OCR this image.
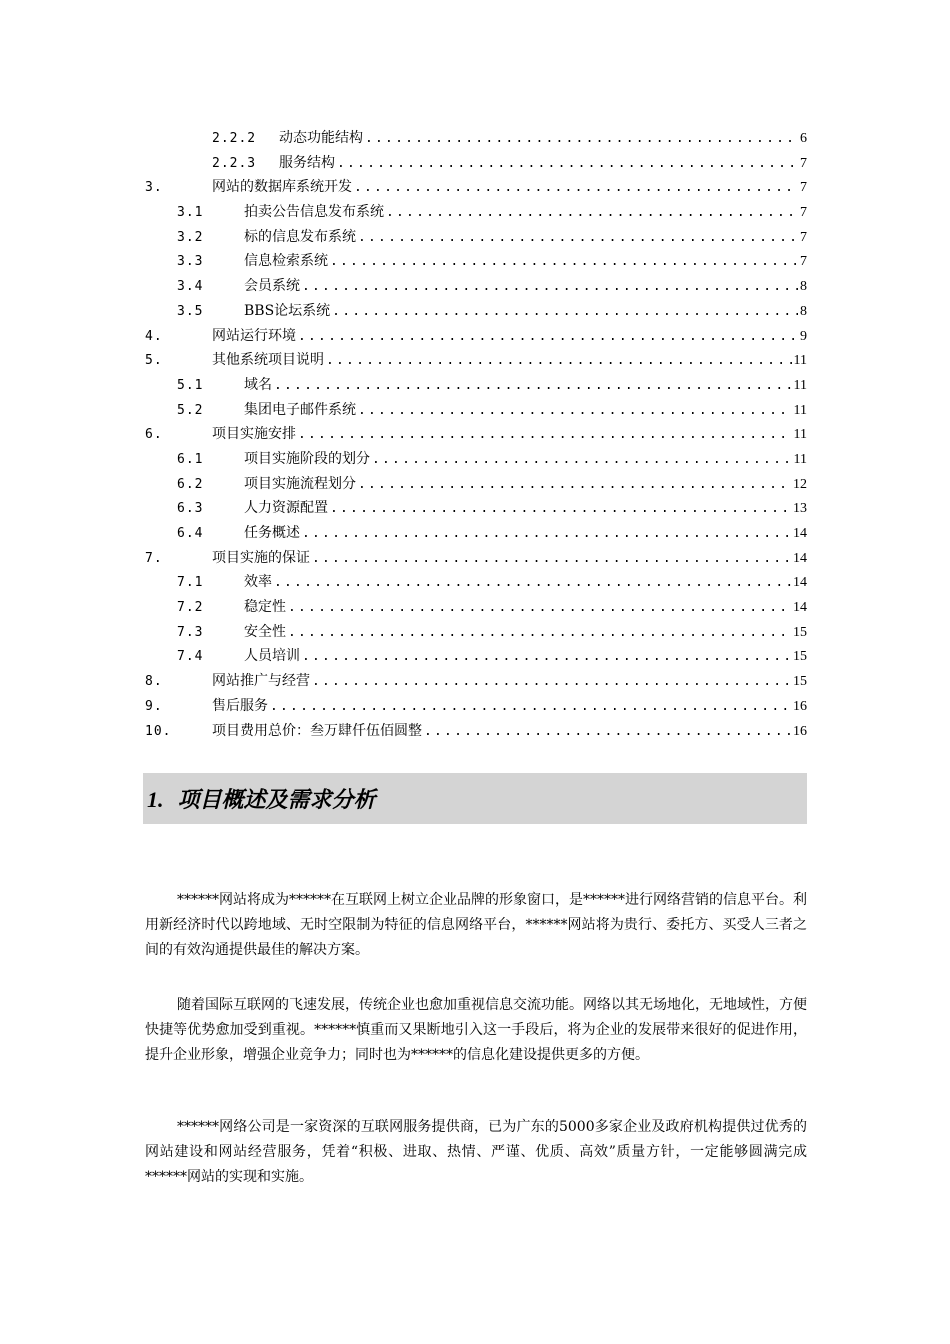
2.2.2	动态功能结构 .....	6
2.2.3	服务结构 .....	7
3.	网站的数据库系统开发 .....	7
3.1	拍卖公告信息发布系统 .....	7
3.2	标的信息发布系统 .....	7
3.3	信息检索系统 .....	7
3.4	会员系统 .....	8
3.5	BBS论坛系统 .....	8
4.	网站运行环境 .....	9
5.	其他系统项目说明 .....	11
5.1	域名 .....	11
5.2	集团电子邮件系统 .....	11
6.	项目实施安排 .....	11
6.1	项目实施阶段的划分 .....	11
6.2	项目实施流程划分 .....	12
6.3	人力资源配置 .....	13
6.4	任务概述 .....	14
7.	项目实施的保证 .....	14
7.1	效率 .....	14
7.2	稳定性 .....	14
7.3	安全性 .....	15
7.4	人员培训 .....	15
8.	网站推广与经营 .....	15
9.	售后服务 .....	16
10.	项目费用总价：叁万肆仟伍佰圆整 .....	16
1. 项目概述及需求分析

******网站将成为******在互联网上树立企业品牌的形象窗口，是******进行网络营销的信息平台。利用新经济时代以跨地域、无时空限制为特征的信息网络平台，******网站将为贵行、委托方、买受人三者之间的有效沟通提供最佳的解决方案。

随着国际互联网的飞速发展，传统企业也愈加重视信息交流功能。网络以其无场地化，无地域性，方便快捷等优势愈加受到重视。******慎重而又果断地引入这一手段后，将为企业的发展带来很好的促进作用，提升企业形象，增强企业竞争力；同时也为******的信息化建设提供更多的方便。

******网络公司是一家资深的互联网服务提供商，已为广东的5000多家企业及政府机构提供过优秀的网站建设和网站经营服务，凭着“积极、进取、热情、严谨、优质、高效”质量方针，一定能够圆满完成******网站的实现和实施。
